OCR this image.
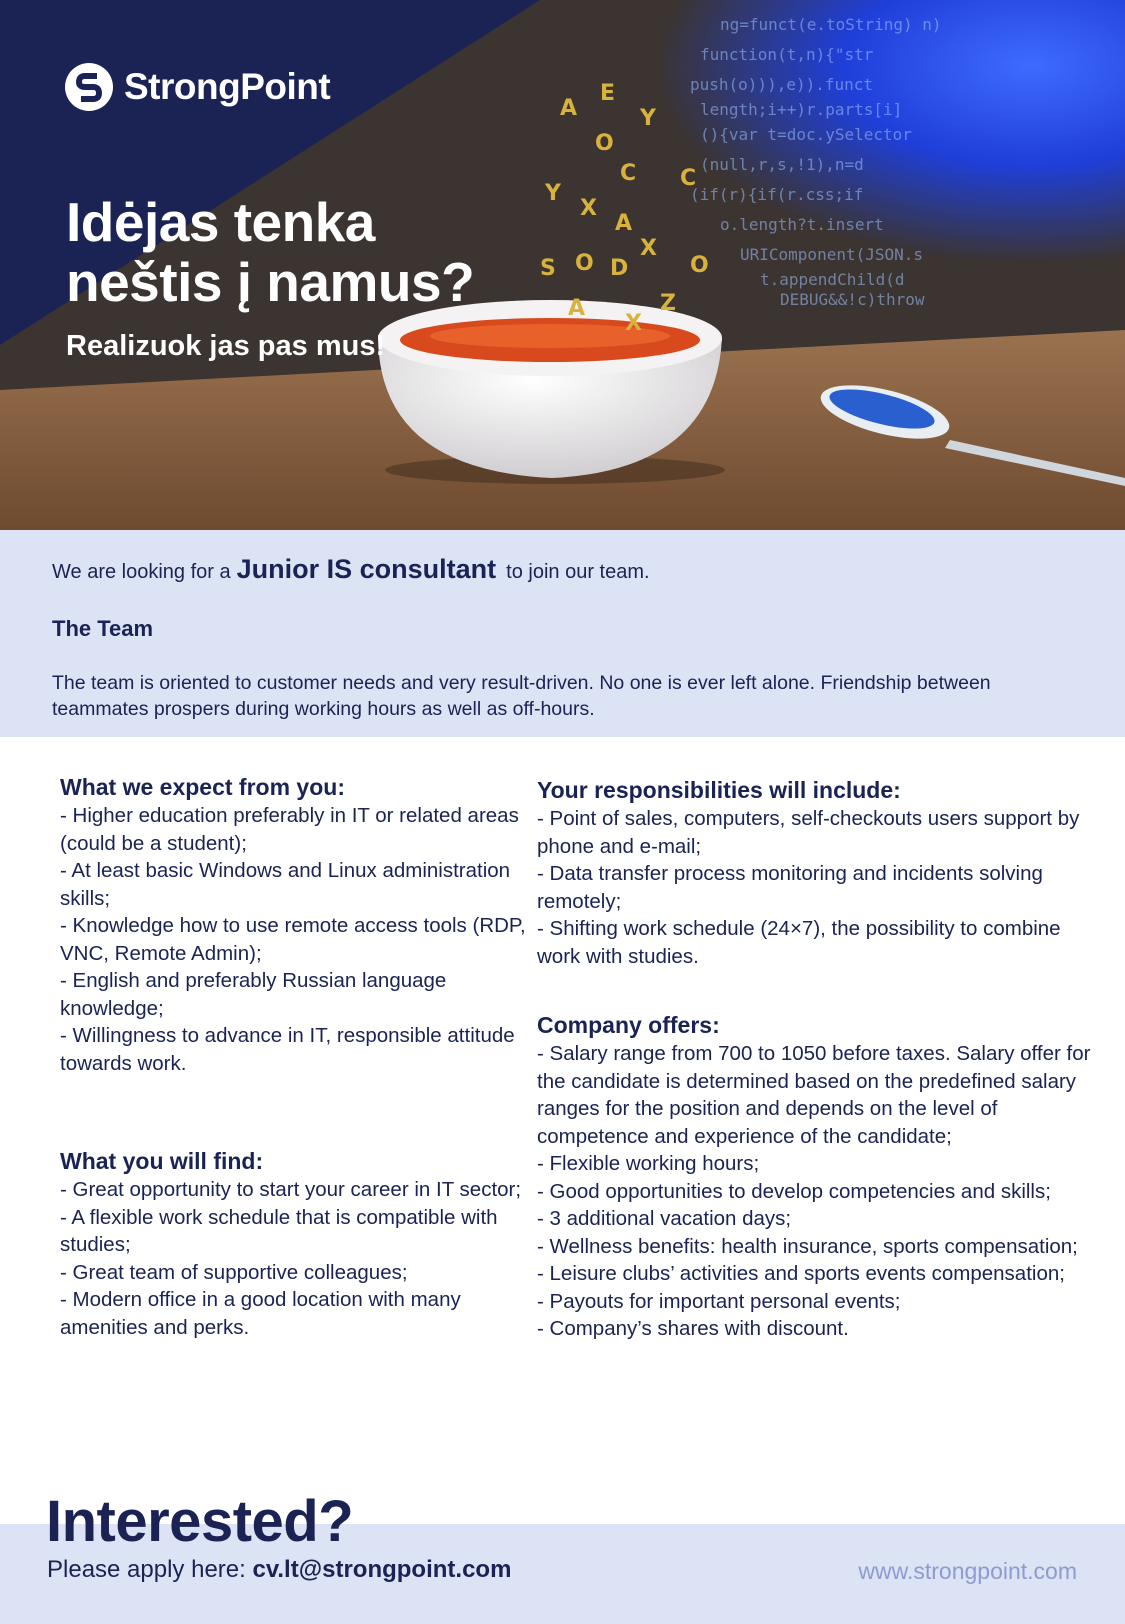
ng=funct(e.toString) n)
function(t,n){"str
push(o))),e)).funct
length;i++)r.parts[i]
(){var t=doc.ySelector
(null,r,s,!1),n=d
(if(r){if(r.css;if
o.length?t.insert
URIComponent(JSON.s
t.appendChild(d
DEBUG&&!c)throw
A
E
Y
O
C
Y
X
A
X
S O D
C
O
Z
A
X
StrongPoint
Idėjas tenka
neštis į namus?

Realizuok jas pas mus!

We are looking for a Junior IS consultant to join our team.
The Team

The team is oriented to customer needs and very result-driven. No one is ever left alone. Friendship between teammates prospers during working hours as well as off-hours.

What we expect from you:
- Higher education preferably in IT or related areas (could be a student);
- At least basic Windows and Linux administration skills;
- Knowledge how to use remote access tools (RDP, VNC, Remote Admin);
- English and preferably Russian language knowledge;
- Willingness to advance in IT, responsible attitude towards work.
What you will find:
- Great opportunity to start your career in IT sector;
- A flexible work schedule that is compatible with studies;
- Great team of supportive colleagues;
- Modern office in a good location with many amenities and perks.
Your responsibilities will include:
- Point of sales, computers, self-checkouts users support by phone and e-mail;
- Data transfer process monitoring and incidents solving remotely;
- Shifting work schedule (24×7), the possibility to combine work with studies.
Company offers:
- Salary range from 700 to 1050 before taxes. Salary offer for the candidate is determined based on the predefined salary ranges for the position and depends on the level of competence and experience of the candidate;
- Flexible working hours;
- Good opportunities to develop competencies and skills;
- 3 additional vacation days;
- Wellness benefits: health insurance, sports compensation;
- Leisure clubs’ activities and sports events compensation;
- Payouts for important personal events;
- Company’s shares with discount.
Interested?
Please apply here: cv.lt@strongpoint.com	www.strongpoint.com
